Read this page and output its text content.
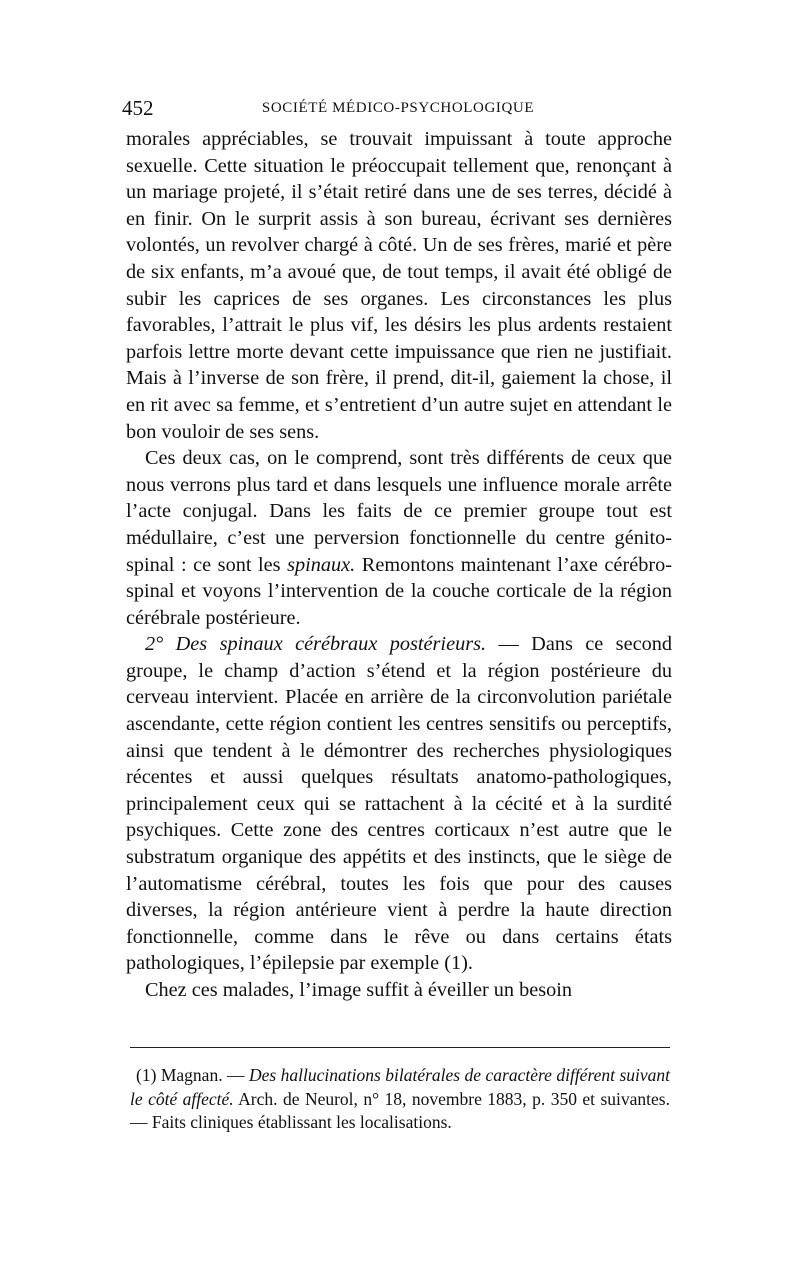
452	SOCIÉTÉ MÉDICO-PSYCHOLOGIQUE

morales appréciables, se trouvait impuissant à toute approche sexuelle. Cette situation le préoccupait tellement que, renonçant à un mariage projeté, il s’était retiré dans une de ses terres, décidé à en finir. On le surprit assis à son bureau, écrivant ses dernières volontés, un revolver chargé à côté. Un de ses frères, marié et père de six enfants, m’a avoué que, de tout temps, il avait été obligé de subir les caprices de ses organes. Les circonstances les plus favorables, l’attrait le plus vif, les désirs les plus ardents restaient parfois lettre morte devant cette impuissance que rien ne justifiait. Mais à l’inverse de son frère, il prend, dit-il, gaiement la chose, il en rit avec sa femme, et s’entretient d’un autre sujet en attendant le bon vouloir de ses sens.

Ces deux cas, on le comprend, sont très différents de ceux que nous verrons plus tard et dans lesquels une influence morale arrête l’acte conjugal. Dans les faits de ce premier groupe tout est médullaire, c’est une perversion fonctionnelle du centre génito-spinal : ce sont les spinaux. Remontons maintenant l’axe cérébro-spinal et voyons l’intervention de la couche corticale de la région cérébrale postérieure.

2° Des spinaux cérébraux postérieurs. — Dans ce second groupe, le champ d’action s’étend et la région postérieure du cerveau intervient. Placée en arrière de la circonvolution pariétale ascendante, cette région contient les centres sensitifs ou perceptifs, ainsi que tendent à le démontrer des recherches physiologiques récentes et aussi quelques résultats anatomo-pathologiques, principalement ceux qui se rattachent à la cécité et à la surdité psychiques. Cette zone des centres corticaux n’est autre que le substratum organique des appétits et des instincts, que le siège de l’automatisme cérébral, toutes les fois que pour des causes diverses, la région antérieure vient à perdre la haute direction fonctionnelle, comme dans le rêve ou dans certains états pathologiques, l’épilepsie par exemple (1).

Chez ces malades, l’image suffit à éveiller un besoin

(1) Magnan. — Des hallucinations bilatérales de caractère différent suivant le côté affecté. Arch. de Neurol, n° 18, novembre 1883, p. 350 et suivantes. — Faits cliniques établissant les localisations.
